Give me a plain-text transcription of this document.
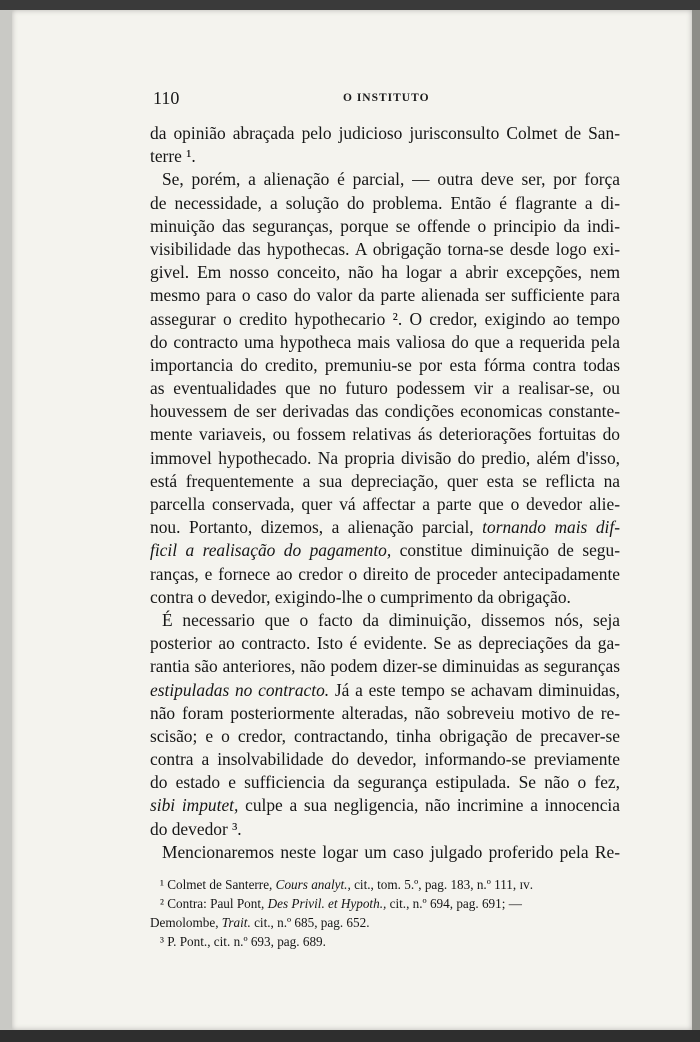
110	O INSTITUTO
da opinião abraçada pelo judicioso jurisconsulto Colmet de San-
terre ¹.
Se, porém, a alienação é parcial, — outra deve ser, por força
de necessidade, a solução do problema. Então é flagrante a di-
minuição das seguranças, porque se offende o principio da indi-
visibilidade das hypothecas. A obrigação torna-se desde logo exi-
givel. Em nosso conceito, não ha logar a abrir excepções, nem
mesmo para o caso do valor da parte alienada ser sufficiente para
assegurar o credito hypothecario ². O credor, exigindo ao tempo
do contracto uma hypotheca mais valiosa do que a requerida pela
importancia do credito, premuniu-se por esta fórma contra todas
as eventualidades que no futuro podessem vir a realisar-se, ou
houvessem de ser derivadas das condições economicas constante-
mente variaveis, ou fossem relativas ás deteriorações fortuitas do
immovel hypothecado. Na propria divisão do predio, além d'isso,
está frequentemente a sua depreciação, quer esta se reflicta na
parcella conservada, quer vá affectar a parte que o devedor alie-
nou. Portanto, dizemos, a alienação parcial, tornando mais dif-
ficil a realisação do pagamento, constitue diminuição de segu-
ranças, e fornece ao credor o direito de proceder antecipadamente
contra o devedor, exigindo-lhe o cumprimento da obrigação.
É necessario que o facto da diminuição, dissemos nós, seja
posterior ao contracto. Isto é evidente. Se as depreciações da ga-
rantia são anteriores, não podem dizer-se diminuidas as seguranças
estipuladas no contracto. Já a este tempo se achavam diminuidas,
não foram posteriormente alteradas, não sobreveiu motivo de re-
scisão; e o credor, contractando, tinha obrigação de precaver-se
contra a insolvabilidade do devedor, informando-se previamente
do estado e sufficiencia da segurança estipulada. Se não o fez,
sibi imputet, culpe a sua negligencia, não incrimine a innocencia
do devedor ³.
Mencionaremos neste logar um caso julgado proferido pela Re-
¹ Colmet de Santerre, Cours analyt., cit., tom. 5.º, pag. 183, n.º 111, ɪᴠ.
² Contra: Paul Pont, Des Privil. et Hypoth., cit., n.º 694, pag. 691; —
Demolombe, Trait. cit., n.º 685, pag. 652.
³ P. Pont., cit. n.º 693, pag. 689.
